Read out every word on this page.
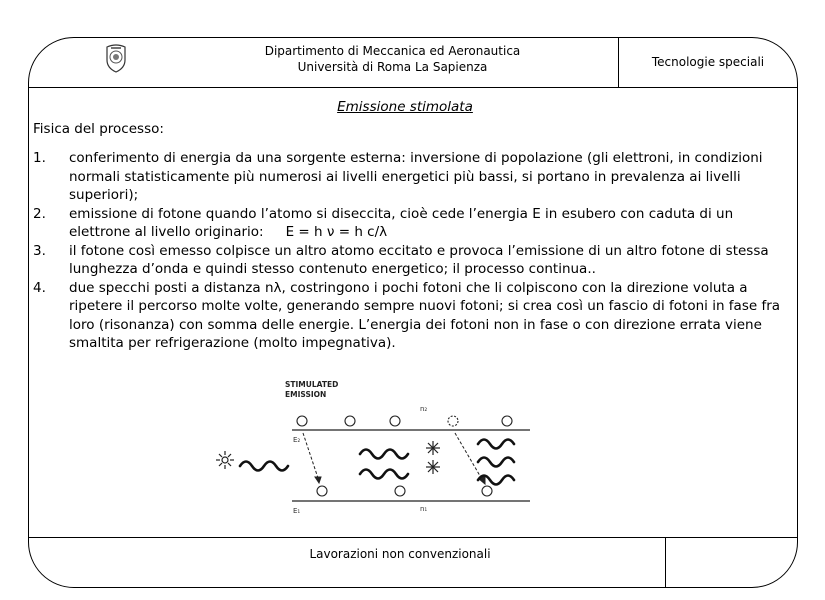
Dipartimento di Meccanica ed Aeronautica
Università di Roma La Sapienza	Tecnologie speciali
Emissione stimolata
Fisica del processo:
1. conferimento di energia da una sorgente esterna: inversione di popolazione (gli elettroni, in condizioni normali statisticamente più numerosi ai livelli energetici più bassi, si portano in prevalenza ai livelli superiori);
2. emissione di fotone quando l’atomo si diseccita, cioè cede l’energia E in esubero con caduta di un elettrone al livello originario: E = h ν = h c/λ
3. il fotone così emesso colpisce un altro atomo eccitato e provoca l’emissione di un altro fotone di stessa lunghezza d’onda e quindi stesso contenuto energetico; il processo continua..
4. due specchi posti a distanza nλ, costringono i pochi fotoni che li colpiscono con la direzione voluta a ripetere il percorso molte volte, generando sempre nuovi fotoni; si crea così un fascio di fotoni in fase fra loro (risonanza) con somma delle energie. L’energia dei fotoni non in fase o con direzione errata viene smaltita per refrigerazione (molto impegnativa).
STIMULATED
EMISSION
E₂
E₁
n₂
n₁
Lavorazioni non convenzionali
